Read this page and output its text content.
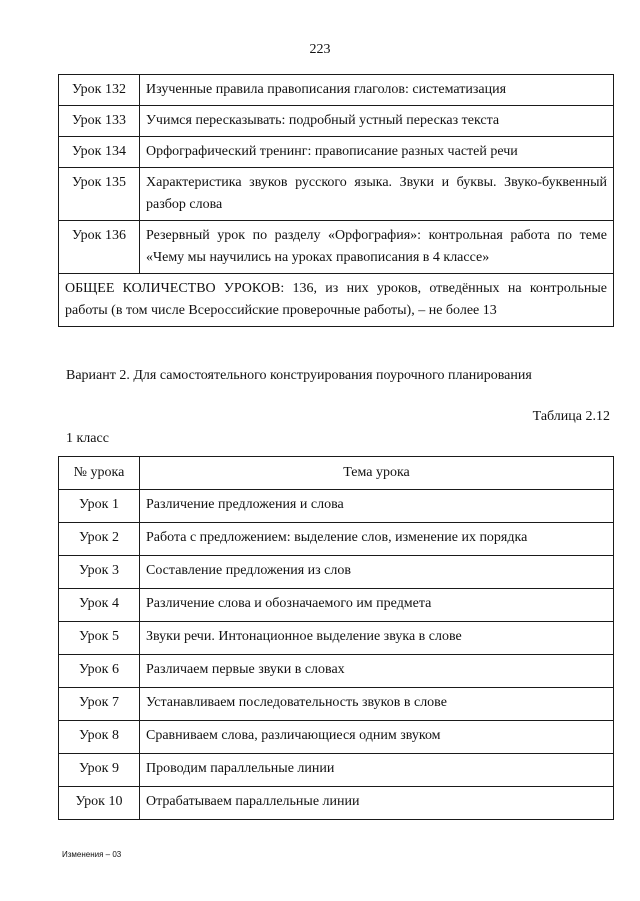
223
Урок 132	Изученные правила правописания глаголов: систематизация
Урок 133	Учимся пересказывать: подробный устный пересказ текста
Урок 134	Орфографический тренинг: правописание разных частей речи
Урок 135	Характеристика звуков русского языка. Звуки и буквы. Звуко-буквенный разбор слова
Урок 136	Резервный урок по разделу «Орфография»: контрольная работа по теме «Чему мы научились на уроках правописания в 4 классе»
ОБЩЕЕ КОЛИЧЕСТВО УРОКОВ: 136, из них уроков, отведённых на контрольные работы (в том числе Всероссийские проверочные работы), – не более 13	
Вариант 2. Для самостоятельного конструирования поурочного планирования
Таблица 2.12
1 класс
№ урока	Тема урока
Урок 1	Различение предложения и слова
Урок 2	Работа с предложением: выделение слов, изменение их порядка
Урок 3	Составление предложения из слов
Урок 4	Различение слова и обозначаемого им предмета
Урок 5	Звуки речи. Интонационное выделение звука в слове
Урок 6	Различаем первые звуки в словах
Урок 7	Устанавливаем последовательность звуков в слове
Урок 8	Сравниваем слова, различающиеся одним звуком
Урок 9	Проводим параллельные линии
Урок 10	Отрабатываем параллельные линии
Изменения – 03
